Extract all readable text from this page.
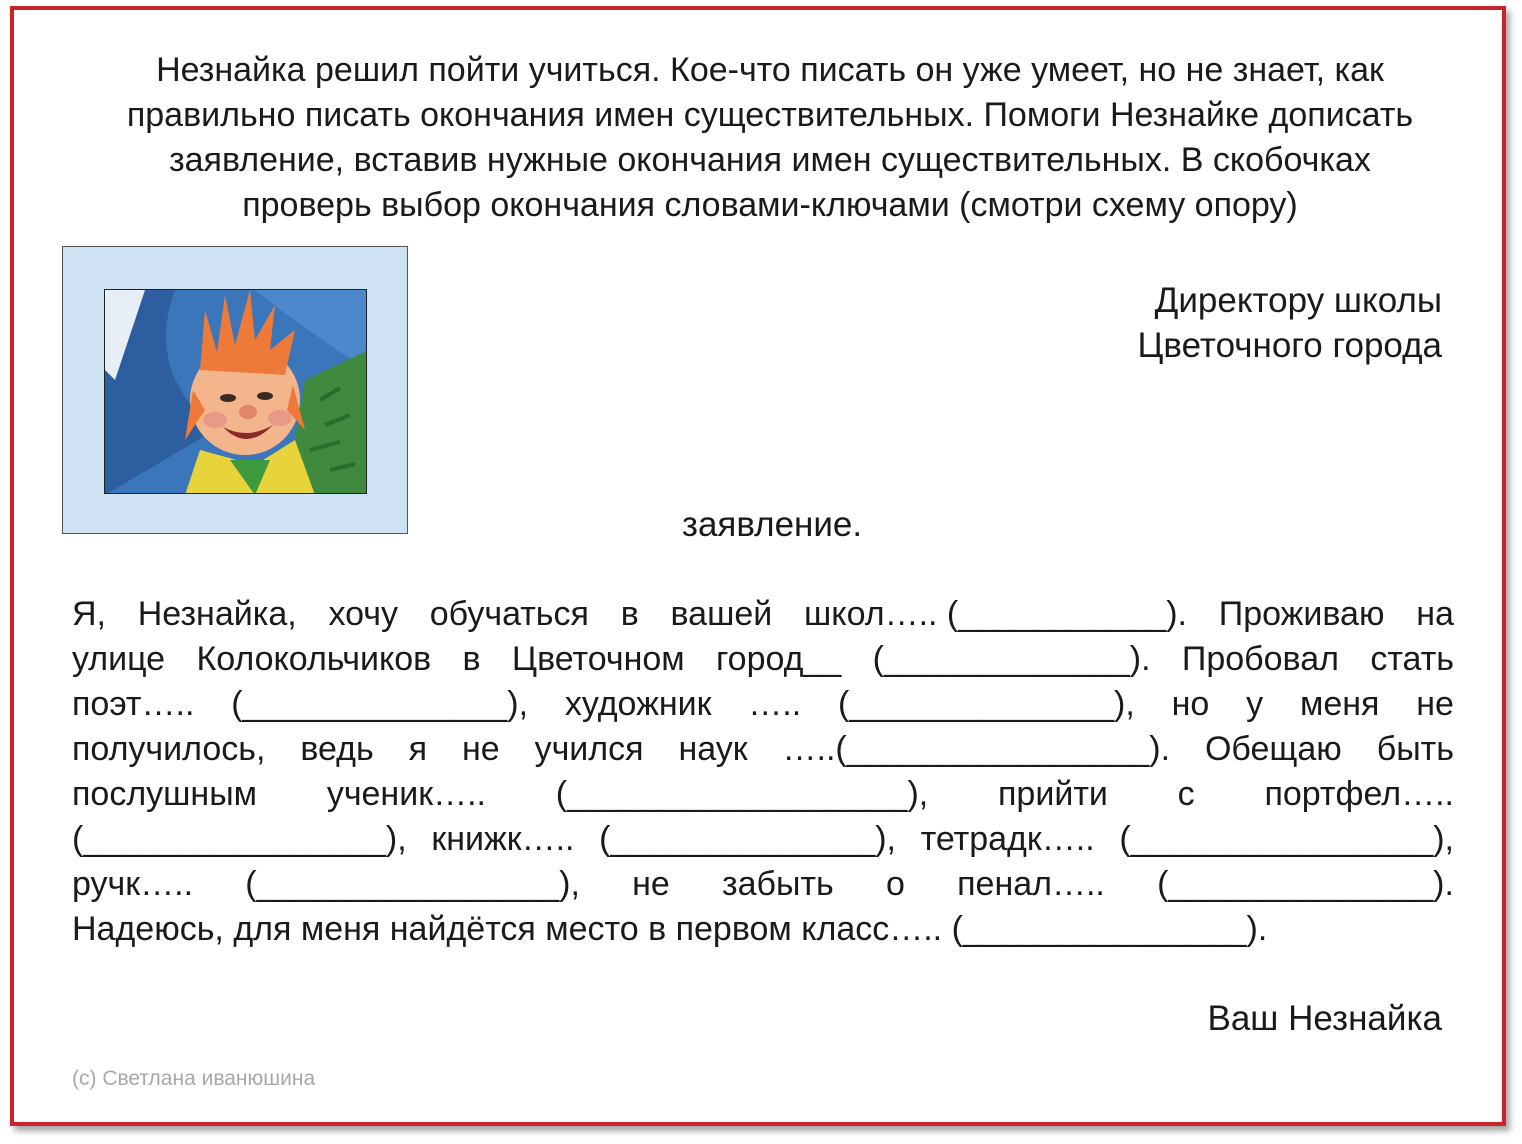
Незнайка решил пойти учиться. Кое-что писать он уже умеет, но не знает, как
правильно писать окончания имен существительных. Помоги Незнайке дописать
заявление, вставив нужные окончания имен существительных. В скобочках
проверь выбор окончания словами-ключами (смотри схему опору)

Директору школы
Цветочного города
заявление.
Я, Незнайка, хочу обучаться в вашей школ….. (___________). Проживаю на
улице Колокольчиков в Цветочном город__ (_____________). Пробовал стать
поэт….. (______________), художник ….. (______________), но у меня не
получилось, ведь я не учился наук …..(________________). Обещаю быть
послушным ученик….. (__________________), прийти с портфел…..
(________________), книжк….. (______________), тетрадк….. (________________),
ручк….. (________________), не забыть о пенал….. (______________).
Надеюсь, для меня найдётся место в первом класс….. (_______________).
Ваш Незнайка
(с) Светлана иванюшина
